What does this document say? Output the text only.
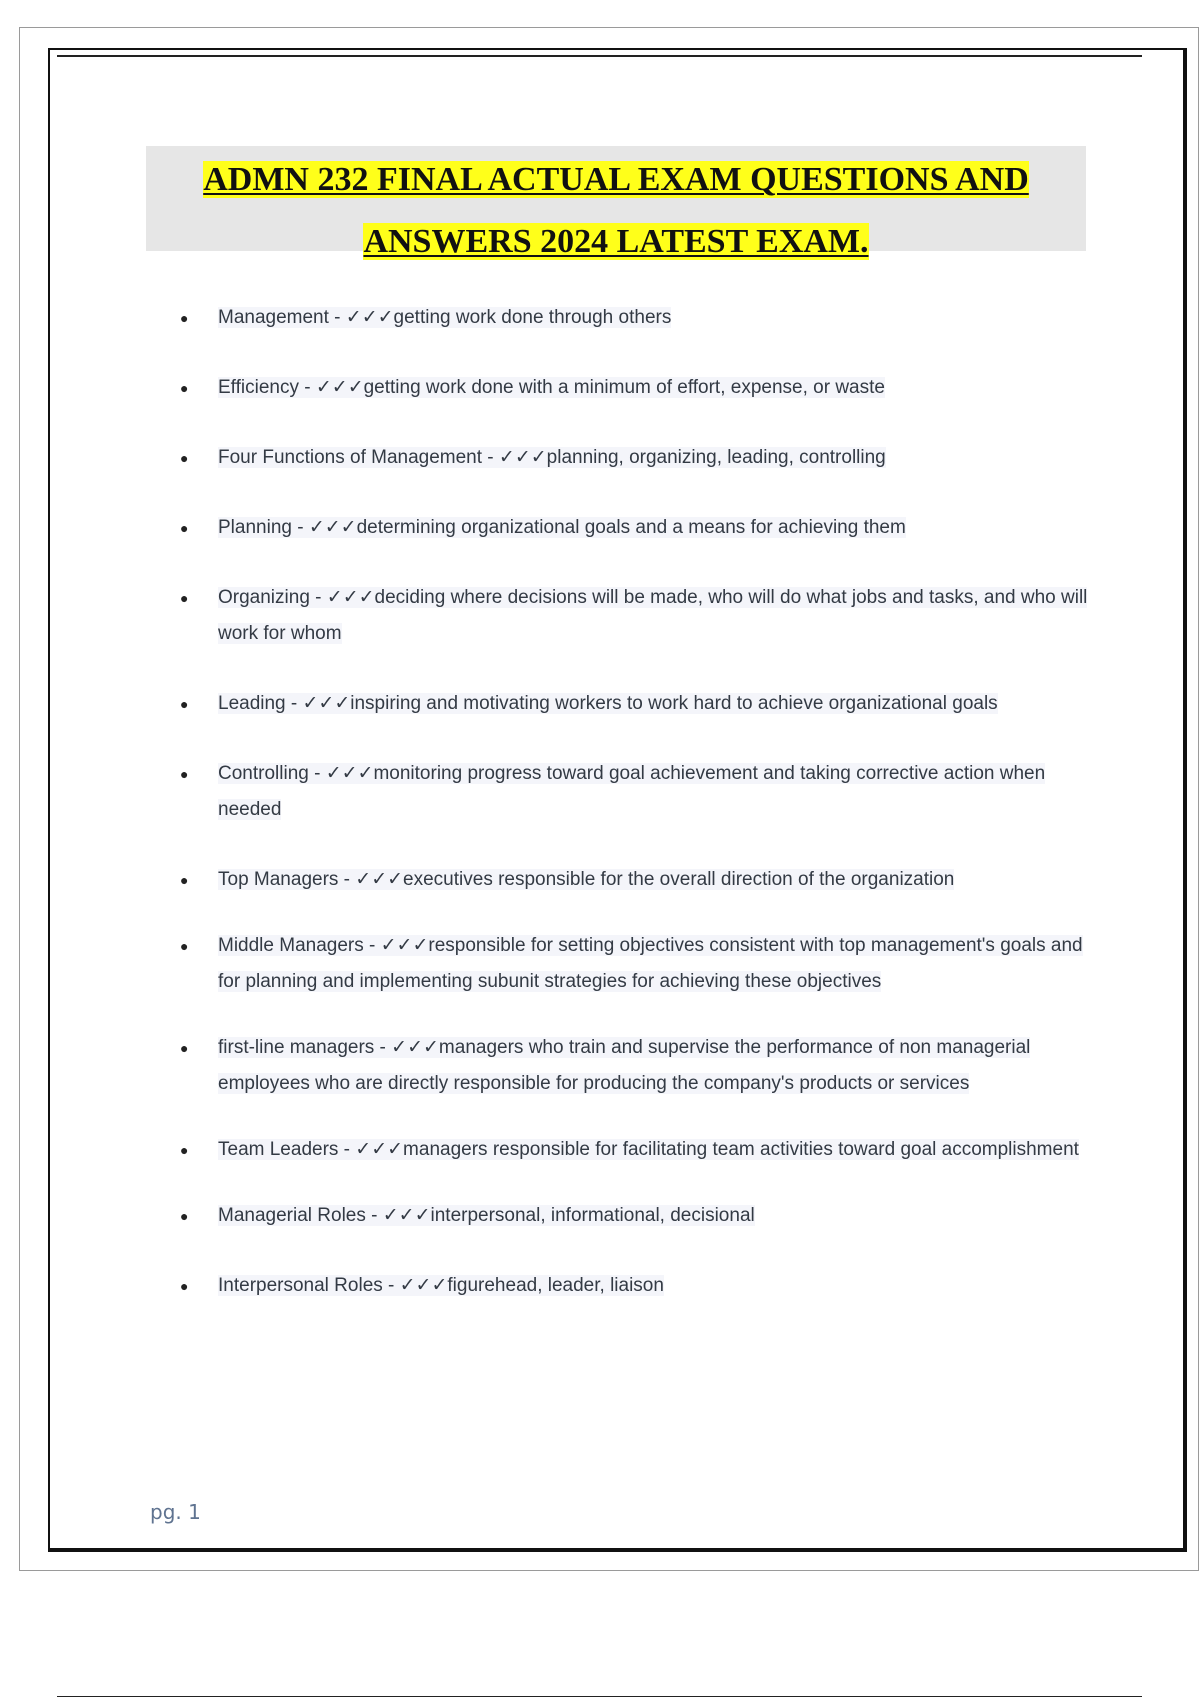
ADMN 232 FINAL ACTUAL EXAM QUESTIONS AND
ANSWERS 2024 LATEST EXAM.
● Management - ✓✓✓getting work done through others
● Efficiency - ✓✓✓getting work done with a minimum of effort, expense, or waste
● Four Functions of Management - ✓✓✓planning, organizing, leading, controlling
● Planning - ✓✓✓determining organizational goals and a means for achieving them
● Organizing - ✓✓✓deciding where decisions will be made, who will do what jobs and tasks, and who will work for whom
● Leading - ✓✓✓inspiring and motivating workers to work hard to achieve organizational goals
● Controlling - ✓✓✓monitoring progress toward goal achievement and taking corrective action when needed
● Top Managers - ✓✓✓executives responsible for the overall direction of the organization
● Middle Managers - ✓✓✓responsible for setting objectives consistent with top management's goals and for planning and implementing subunit strategies for achieving these objectives
● first-line managers - ✓✓✓managers who train and supervise the performance of non managerial employees who are directly responsible for producing the company's products or services
● Team Leaders - ✓✓✓managers responsible for facilitating team activities toward goal accomplishment
● Managerial Roles - ✓✓✓interpersonal, informational, decisional
● Interpersonal Roles - ✓✓✓figurehead, leader, liaison
pg. 1
